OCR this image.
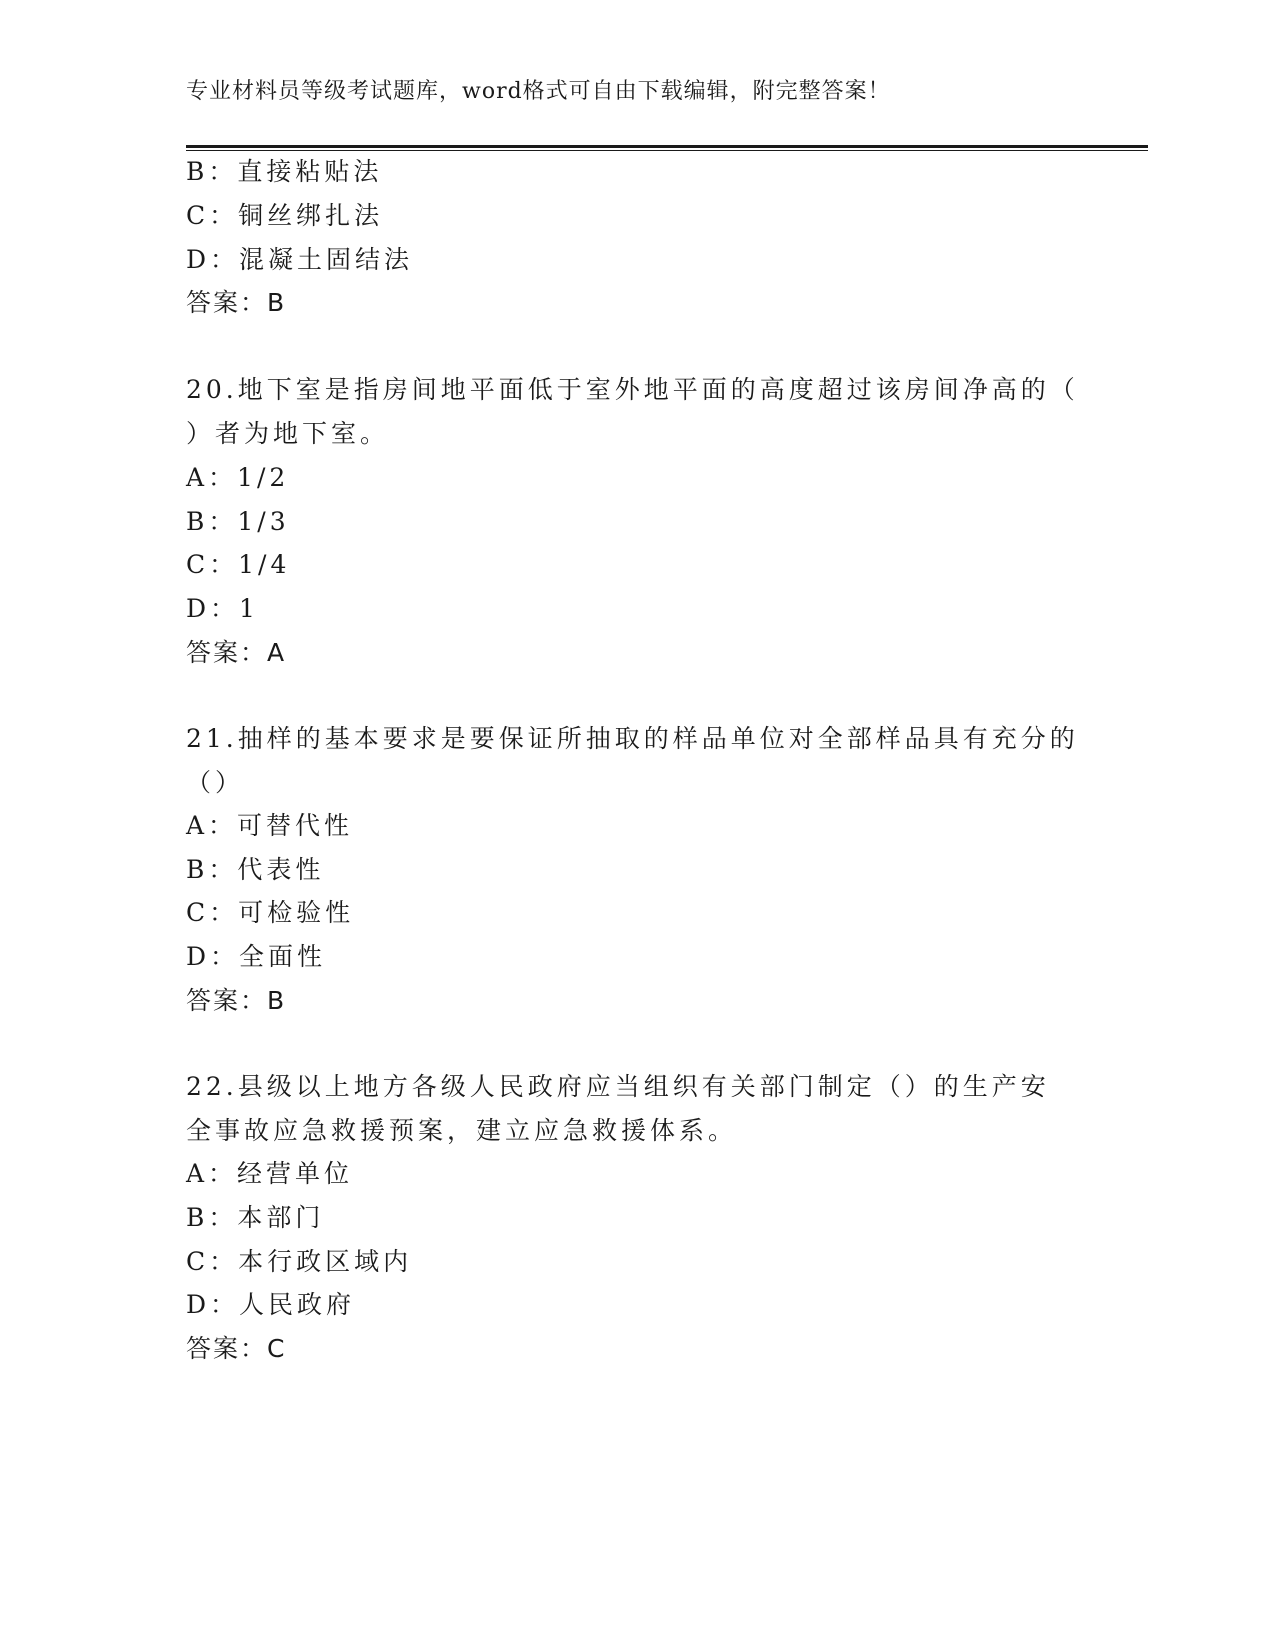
专业材料员等级考试题库，word格式可自由下载编辑，附完整答案！
B：直接粘贴法
C：铜丝绑扎法
D：混凝土固结法
答案：B
20.地下室是指房间地平面低于室外地平面的高度超过该房间净高的（
）者为地下室。
A：1/2
B：1/3
C：1/4
D：1
答案：A
21.抽样的基本要求是要保证所抽取的样品单位对全部样品具有充分的
（）
A：可替代性
B：代表性
C：可检验性
D：全面性
答案：B
22.县级以上地方各级人民政府应当组织有关部门制定（）的生产安
全事故应急救援预案，建立应急救援体系。
A：经营单位
B：本部门
C：本行政区域内
D：人民政府
答案：C
